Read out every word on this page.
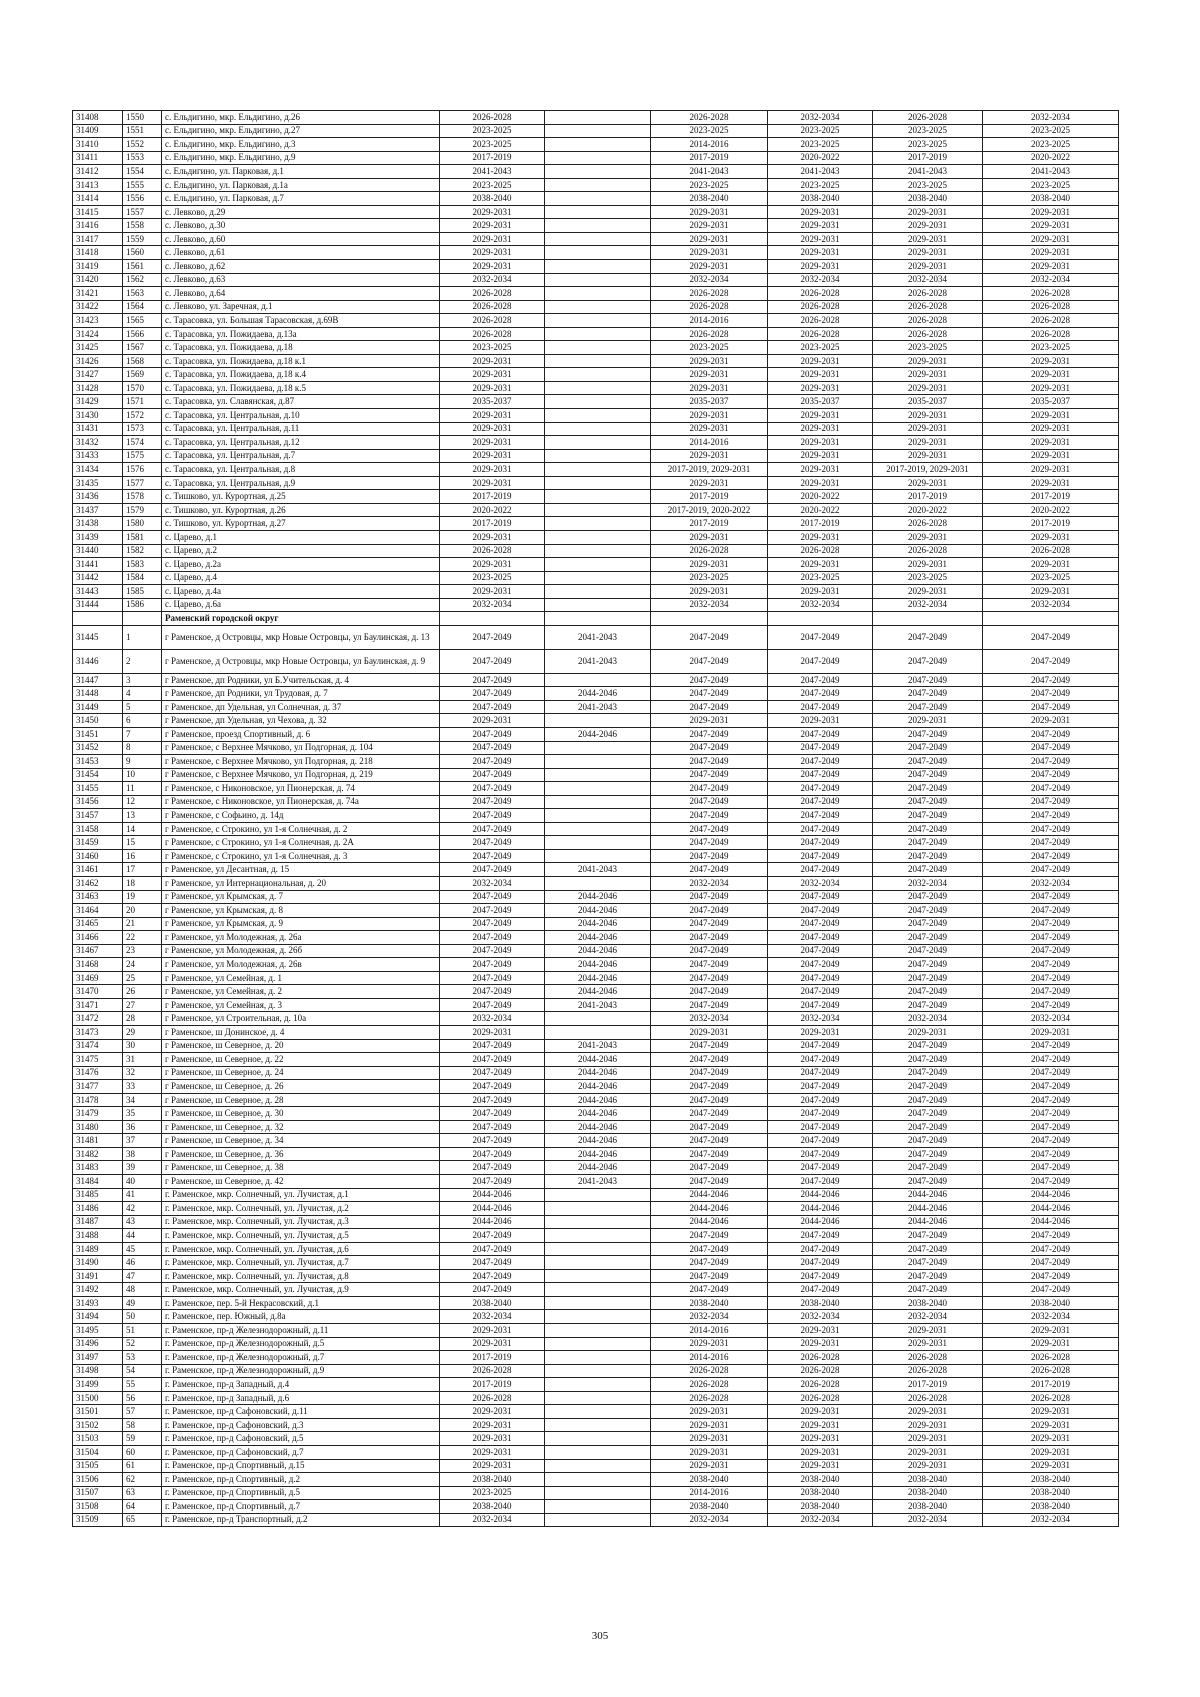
31408	1550	с. Ельдигино, мкр. Ельдигино, д.26	2026-2028		2026-2028	2032-2034	2026-2028	2032-2034
31409	1551	с. Ельдигино, мкр. Ельдигино, д.27	2023-2025		2023-2025	2023-2025	2023-2025	2023-2025
31410	1552	с. Ельдигино, мкр. Ельдигино, д.3	2023-2025		2014-2016	2023-2025	2023-2025	2023-2025
31411	1553	с. Ельдигино, мкр. Ельдигино, д.9	2017-2019		2017-2019	2020-2022	2017-2019	2020-2022
31412	1554	с. Ельдигино, ул. Парковая, д.1	2041-2043		2041-2043	2041-2043	2041-2043	2041-2043
31413	1555	с. Ельдигино, ул. Парковая, д.1а	2023-2025		2023-2025	2023-2025	2023-2025	2023-2025
31414	1556	с. Ельдигино, ул. Парковая, д.7	2038-2040		2038-2040	2038-2040	2038-2040	2038-2040
31415	1557	с. Левково, д.29	2029-2031		2029-2031	2029-2031	2029-2031	2029-2031
31416	1558	с. Левково, д.30	2029-2031		2029-2031	2029-2031	2029-2031	2029-2031
31417	1559	с. Левково, д.60	2029-2031		2029-2031	2029-2031	2029-2031	2029-2031
31418	1560	с. Левково, д.61	2029-2031		2029-2031	2029-2031	2029-2031	2029-2031
31419	1561	с. Левково, д.62	2029-2031		2029-2031	2029-2031	2029-2031	2029-2031
31420	1562	с. Левково, д.63	2032-2034		2032-2034	2032-2034	2032-2034	2032-2034
31421	1563	с. Левково, д.64	2026-2028		2026-2028	2026-2028	2026-2028	2026-2028
31422	1564	с. Левково, ул. Заречная, д.1	2026-2028		2026-2028	2026-2028	2026-2028	2026-2028
31423	1565	с. Тарасовка, ул. Большая Тарасовская, д.69В	2026-2028		2014-2016	2026-2028	2026-2028	2026-2028
31424	1566	с. Тарасовка, ул. Пожидаева, д.13а	2026-2028		2026-2028	2026-2028	2026-2028	2026-2028
31425	1567	с. Тарасовка, ул. Пожидаева, д.18	2023-2025		2023-2025	2023-2025	2023-2025	2023-2025
31426	1568	с. Тарасовка, ул. Пожидаева, д.18 к.1	2029-2031		2029-2031	2029-2031	2029-2031	2029-2031
31427	1569	с. Тарасовка, ул. Пожидаева, д.18 к.4	2029-2031		2029-2031	2029-2031	2029-2031	2029-2031
31428	1570	с. Тарасовка, ул. Пожидаева, д.18 к.5	2029-2031		2029-2031	2029-2031	2029-2031	2029-2031
31429	1571	с. Тарасовка, ул. Славянская, д.87	2035-2037		2035-2037	2035-2037	2035-2037	2035-2037
31430	1572	с. Тарасовка, ул. Центральная, д.10	2029-2031		2029-2031	2029-2031	2029-2031	2029-2031
31431	1573	с. Тарасовка, ул. Центральная, д.11	2029-2031		2029-2031	2029-2031	2029-2031	2029-2031
31432	1574	с. Тарасовка, ул. Центральная, д.12	2029-2031		2014-2016	2029-2031	2029-2031	2029-2031
31433	1575	с. Тарасовка, ул. Центральная, д.7	2029-2031		2029-2031	2029-2031	2029-2031	2029-2031
31434	1576	с. Тарасовка, ул. Центральная, д.8	2029-2031		2017-2019, 2029-2031	2029-2031	2017-2019, 2029-2031	2029-2031
31435	1577	с. Тарасовка, ул. Центральная, д.9	2029-2031		2029-2031	2029-2031	2029-2031	2029-2031
31436	1578	с. Тишково, ул. Курортная, д.25	2017-2019		2017-2019	2020-2022	2017-2019	2017-2019
31437	1579	с. Тишково, ул. Курортная, д.26	2020-2022		2017-2019, 2020-2022	2020-2022	2020-2022	2020-2022
31438	1580	с. Тишково, ул. Курортная, д.27	2017-2019		2017-2019	2017-2019	2026-2028	2017-2019
31439	1581	с. Царево, д.1	2029-2031		2029-2031	2029-2031	2029-2031	2029-2031
31440	1582	с. Царево, д.2	2026-2028		2026-2028	2026-2028	2026-2028	2026-2028
31441	1583	с. Царево, д.2а	2029-2031		2029-2031	2029-2031	2029-2031	2029-2031
31442	1584	с. Царево, д.4	2023-2025		2023-2025	2023-2025	2023-2025	2023-2025
31443	1585	с. Царево, д.4а	2029-2031		2029-2031	2029-2031	2029-2031	2029-2031
31444	1586	с. Царево, д.6а	2032-2034		2032-2034	2032-2034	2032-2034	2032-2034
		Раменский городской округ						
31445	1	г Раменское, д Островцы, мкр Новые Островцы, ул Баулинская, д. 13	2047-2049	2041-2043	2047-2049	2047-2049	2047-2049	2047-2049
31446	2	г Раменское, д Островцы, мкр Новые Островцы, ул Баулинская, д. 9	2047-2049	2041-2043	2047-2049	2047-2049	2047-2049	2047-2049
31447	3	г Раменское, дп Родники, ул Б.Учительская, д. 4	2047-2049		2047-2049	2047-2049	2047-2049	2047-2049
31448	4	г Раменское, дп Родники, ул Трудовая, д. 7	2047-2049	2044-2046	2047-2049	2047-2049	2047-2049	2047-2049
31449	5	г Раменское, дп Удельная, ул Солнечная, д. 37	2047-2049	2041-2043	2047-2049	2047-2049	2047-2049	2047-2049
31450	6	г Раменское, дп Удельная, ул Чехова, д. 32	2029-2031		2029-2031	2029-2031	2029-2031	2029-2031
31451	7	г Раменское, проезд Спортивный, д. 6	2047-2049	2044-2046	2047-2049	2047-2049	2047-2049	2047-2049
31452	8	г Раменское, с Верхнее Мячково, ул Подгорная, д. 104	2047-2049		2047-2049	2047-2049	2047-2049	2047-2049
31453	9	г Раменское, с Верхнее Мячково, ул Подгорная, д. 218	2047-2049		2047-2049	2047-2049	2047-2049	2047-2049
31454	10	г Раменское, с Верхнее Мячково, ул Подгорная, д. 219	2047-2049		2047-2049	2047-2049	2047-2049	2047-2049
31455	11	г Раменское, с Никоновское, ул Пионерская, д. 74	2047-2049		2047-2049	2047-2049	2047-2049	2047-2049
31456	12	г Раменское, с Никоновское, ул Пионерская, д. 74а	2047-2049		2047-2049	2047-2049	2047-2049	2047-2049
31457	13	г Раменское, с Софьино, д. 14д	2047-2049		2047-2049	2047-2049	2047-2049	2047-2049
31458	14	г Раменское, с Строкино, ул 1-я Солнечная, д. 2	2047-2049		2047-2049	2047-2049	2047-2049	2047-2049
31459	15	г Раменское, с Строкино, ул 1-я Солнечная, д. 2А	2047-2049		2047-2049	2047-2049	2047-2049	2047-2049
31460	16	г Раменское, с Строкино, ул 1-я Солнечная, д. 3	2047-2049		2047-2049	2047-2049	2047-2049	2047-2049
31461	17	г Раменское, ул Десантная, д. 15	2047-2049	2041-2043	2047-2049	2047-2049	2047-2049	2047-2049
31462	18	г Раменское, ул Интернациональная, д. 20	2032-2034		2032-2034	2032-2034	2032-2034	2032-2034
31463	19	г Раменское, ул Крымская, д. 7	2047-2049	2044-2046	2047-2049	2047-2049	2047-2049	2047-2049
31464	20	г Раменское, ул Крымская, д. 8	2047-2049	2044-2046	2047-2049	2047-2049	2047-2049	2047-2049
31465	21	г Раменское, ул Крымская, д. 9	2047-2049	2044-2046	2047-2049	2047-2049	2047-2049	2047-2049
31466	22	г Раменское, ул Молодежная, д. 26а	2047-2049	2044-2046	2047-2049	2047-2049	2047-2049	2047-2049
31467	23	г Раменское, ул Молодежная, д. 26б	2047-2049	2044-2046	2047-2049	2047-2049	2047-2049	2047-2049
31468	24	г Раменское, ул Молодежная, д. 26в	2047-2049	2044-2046	2047-2049	2047-2049	2047-2049	2047-2049
31469	25	г Раменское, ул Семейная, д. 1	2047-2049	2044-2046	2047-2049	2047-2049	2047-2049	2047-2049
31470	26	г Раменское, ул Семейная, д. 2	2047-2049	2044-2046	2047-2049	2047-2049	2047-2049	2047-2049
31471	27	г Раменское, ул Семейная, д. 3	2047-2049	2041-2043	2047-2049	2047-2049	2047-2049	2047-2049
31472	28	г Раменское, ул Строительная, д. 10а	2032-2034		2032-2034	2032-2034	2032-2034	2032-2034
31473	29	г Раменское, ш Донинское, д. 4	2029-2031		2029-2031	2029-2031	2029-2031	2029-2031
31474	30	г Раменское, ш Северное, д. 20	2047-2049	2041-2043	2047-2049	2047-2049	2047-2049	2047-2049
31475	31	г Раменское, ш Северное, д. 22	2047-2049	2044-2046	2047-2049	2047-2049	2047-2049	2047-2049
31476	32	г Раменское, ш Северное, д. 24	2047-2049	2044-2046	2047-2049	2047-2049	2047-2049	2047-2049
31477	33	г Раменское, ш Северное, д. 26	2047-2049	2044-2046	2047-2049	2047-2049	2047-2049	2047-2049
31478	34	г Раменское, ш Северное, д. 28	2047-2049	2044-2046	2047-2049	2047-2049	2047-2049	2047-2049
31479	35	г Раменское, ш Северное, д. 30	2047-2049	2044-2046	2047-2049	2047-2049	2047-2049	2047-2049
31480	36	г Раменское, ш Северное, д. 32	2047-2049	2044-2046	2047-2049	2047-2049	2047-2049	2047-2049
31481	37	г Раменское, ш Северное, д. 34	2047-2049	2044-2046	2047-2049	2047-2049	2047-2049	2047-2049
31482	38	г Раменское, ш Северное, д. 36	2047-2049	2044-2046	2047-2049	2047-2049	2047-2049	2047-2049
31483	39	г Раменское, ш Северное, д. 38	2047-2049	2044-2046	2047-2049	2047-2049	2047-2049	2047-2049
31484	40	г Раменское, ш Северное, д. 42	2047-2049	2041-2043	2047-2049	2047-2049	2047-2049	2047-2049
31485	41	г. Раменское, мкр. Солнечный, ул. Лучистая, д.1	2044-2046		2044-2046	2044-2046	2044-2046	2044-2046
31486	42	г. Раменское, мкр. Солнечный, ул. Лучистая, д.2	2044-2046		2044-2046	2044-2046	2044-2046	2044-2046
31487	43	г. Раменское, мкр. Солнечный, ул. Лучистая, д.3	2044-2046		2044-2046	2044-2046	2044-2046	2044-2046
31488	44	г. Раменское, мкр. Солнечный, ул. Лучистая, д.5	2047-2049		2047-2049	2047-2049	2047-2049	2047-2049
31489	45	г. Раменское, мкр. Солнечный, ул. Лучистая, д.6	2047-2049		2047-2049	2047-2049	2047-2049	2047-2049
31490	46	г. Раменское, мкр. Солнечный, ул. Лучистая, д.7	2047-2049		2047-2049	2047-2049	2047-2049	2047-2049
31491	47	г. Раменское, мкр. Солнечный, ул. Лучистая, д.8	2047-2049		2047-2049	2047-2049	2047-2049	2047-2049
31492	48	г. Раменское, мкр. Солнечный, ул. Лучистая, д.9	2047-2049		2047-2049	2047-2049	2047-2049	2047-2049
31493	49	г. Раменское, пер. 5-й Некрасовский, д.1	2038-2040		2038-2040	2038-2040	2038-2040	2038-2040
31494	50	г. Раменское, пер. Южный, д.8а	2032-2034		2032-2034	2032-2034	2032-2034	2032-2034
31495	51	г. Раменское, пр-д Железнодорожный, д.11	2029-2031		2014-2016	2029-2031	2029-2031	2029-2031
31496	52	г. Раменское, пр-д Железнодорожный, д.5	2029-2031		2029-2031	2029-2031	2029-2031	2029-2031
31497	53	г. Раменское, пр-д Железнодорожный, д.7	2017-2019		2014-2016	2026-2028	2026-2028	2026-2028
31498	54	г. Раменское, пр-д Железнодорожный, д.9	2026-2028		2026-2028	2026-2028	2026-2028	2026-2028
31499	55	г. Раменское, пр-д Западный, д.4	2017-2019		2026-2028	2026-2028	2017-2019	2017-2019
31500	56	г. Раменское, пр-д Западный, д.6	2026-2028		2026-2028	2026-2028	2026-2028	2026-2028
31501	57	г. Раменское, пр-д Сафоновский, д.11	2029-2031		2029-2031	2029-2031	2029-2031	2029-2031
31502	58	г. Раменское, пр-д Сафоновский, д.3	2029-2031		2029-2031	2029-2031	2029-2031	2029-2031
31503	59	г. Раменское, пр-д Сафоновский, д.5	2029-2031		2029-2031	2029-2031	2029-2031	2029-2031
31504	60	г. Раменское, пр-д Сафоновский, д.7	2029-2031		2029-2031	2029-2031	2029-2031	2029-2031
31505	61	г. Раменское, пр-д Спортивный, д.15	2029-2031		2029-2031	2029-2031	2029-2031	2029-2031
31506	62	г. Раменское, пр-д Спортивный, д.2	2038-2040		2038-2040	2038-2040	2038-2040	2038-2040
31507	63	г. Раменское, пр-д Спортивный, д.5	2023-2025		2014-2016	2038-2040	2038-2040	2038-2040
31508	64	г. Раменское, пр-д Спортивный, д.7	2038-2040		2038-2040	2038-2040	2038-2040	2038-2040
31509	65	г. Раменское, пр-д Транспортный, д.2	2032-2034		2032-2034	2032-2034	2032-2034	2032-2034
305
